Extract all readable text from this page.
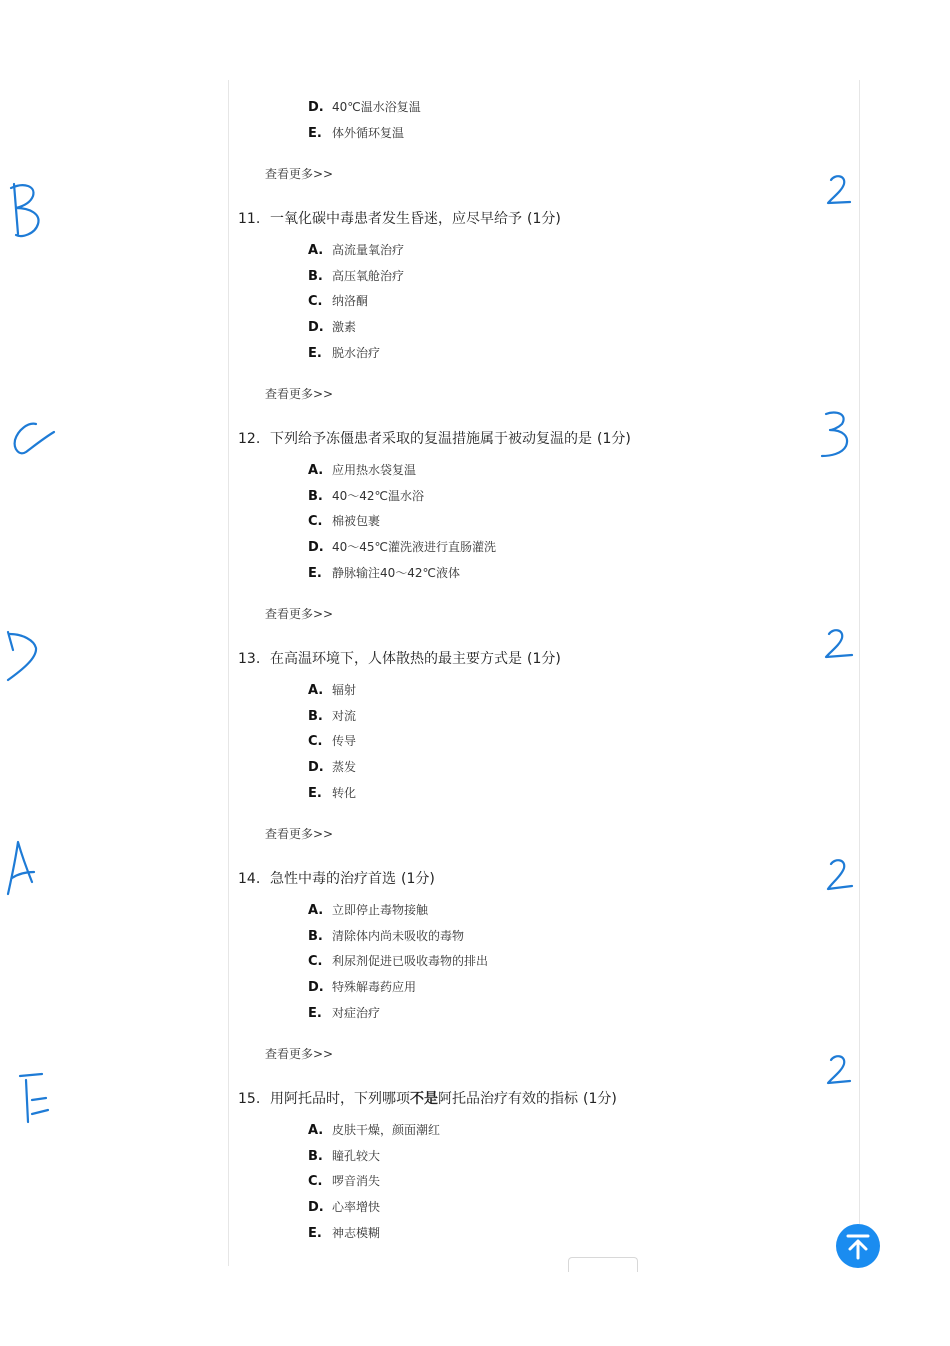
D. 40℃温水浴复温
E. 体外循环复温
查看更多>>
11. 一氧化碳中毒患者发生昏迷，应尽早给予 (1分)
A. 高流量氧治疗
B. 高压氧舱治疗
C. 纳洛酮
D. 激素
E. 脱水治疗
查看更多>>
12. 下列给予冻僵患者采取的复温措施属于被动复温的是 (1分)
A. 应用热水袋复温
B. 40～42℃温水浴
C. 棉被包裹
D. 40～45℃灌洗液进行直肠灌洗
E. 静脉输注40～42℃液体
查看更多>>
13. 在高温环境下，人体散热的最主要方式是 (1分)
A. 辐射
B. 对流
C. 传导
D. 蒸发
E. 转化
查看更多>>
14. 急性中毒的治疗首选 (1分)
A. 立即停止毒物接触
B. 清除体内尚未吸收的毒物
C. 利尿剂促进已吸收毒物的排出
D. 特殊解毒药应用
E. 对症治疗
查看更多>>
15. 用阿托品时，下列哪项不是阿托品治疗有效的指标 (1分)
A. 皮肤干燥，颜面潮红
B. 瞳孔较大
C. 啰音消失
D. 心率增快
E. 神志模糊
